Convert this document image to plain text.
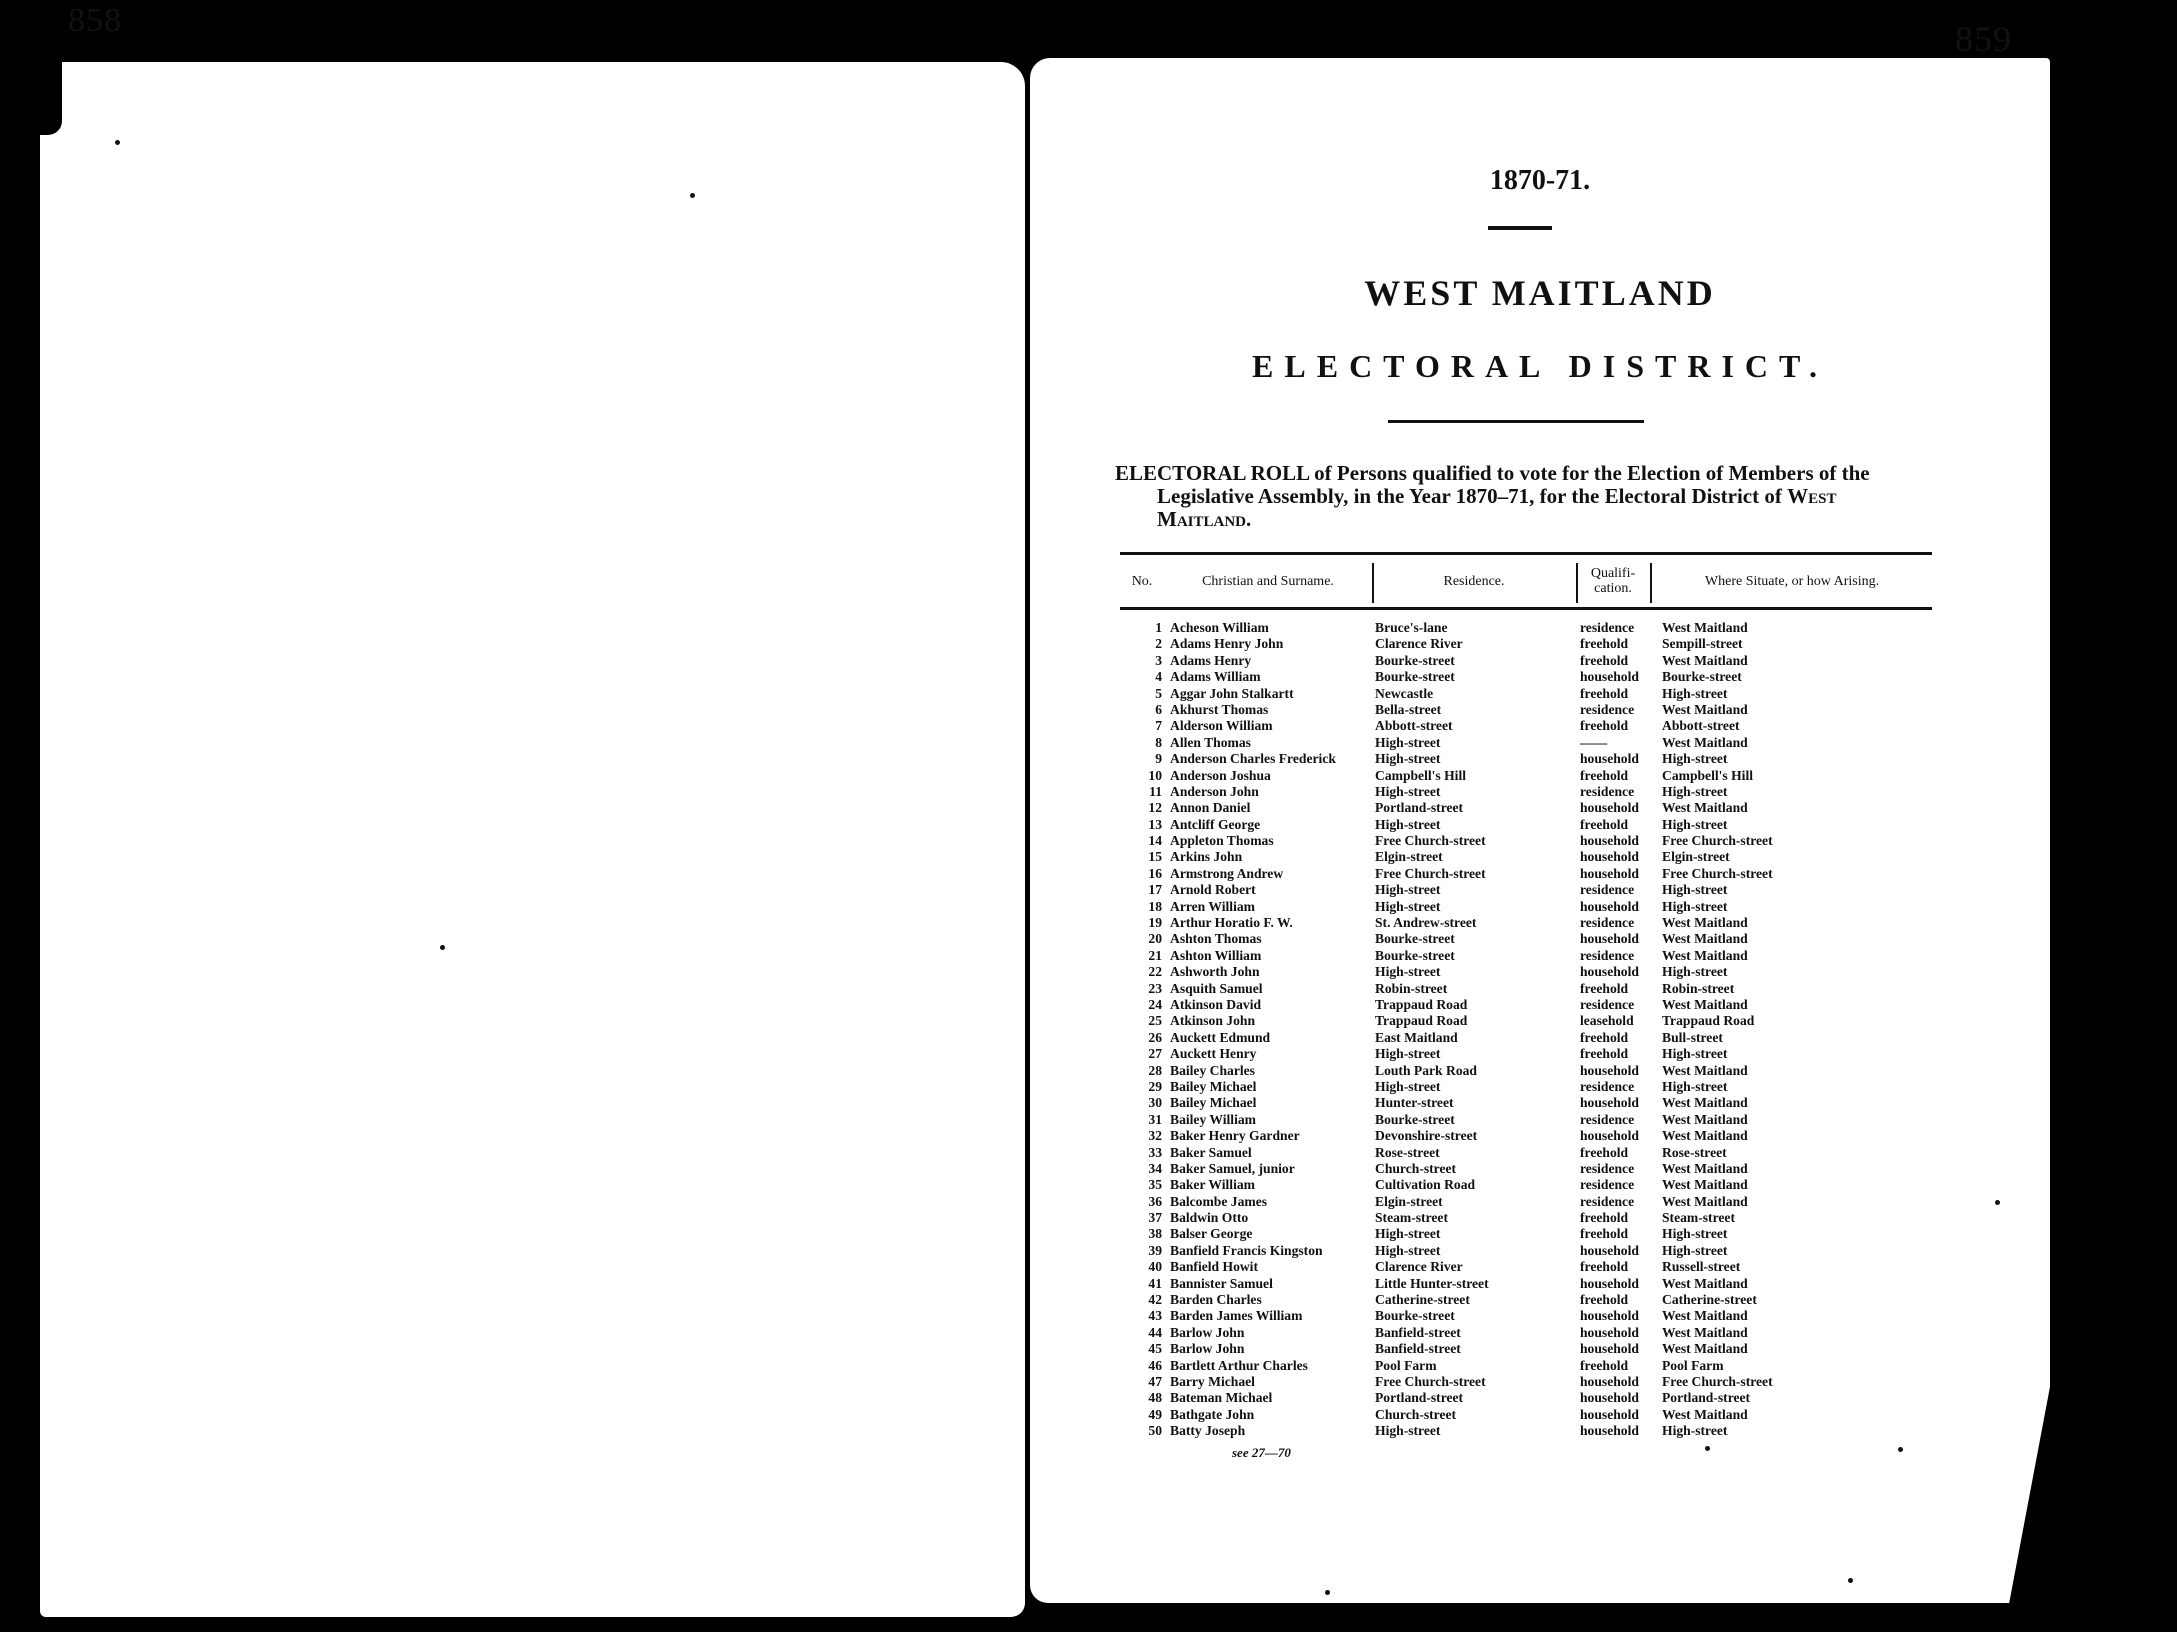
858	859
1870-71.
WEST MAITLAND
ELECTORAL DISTRICT.
ELECTORAL ROLL of Persons qualified to vote for the Election of Members of the
Legislative Assembly, in the Year 1870–71, for the Electoral District of West
Maitland.
No.	Christian and Surname.	Residence.	Qualifi- cation.	Where Situate, or how Arising.
1 Acheson William	Bruce's-lane	residence West Maitland
2 Adams Henry John	Clarence River	freehold Sempill-street
3 Adams Henry	Bourke-street	freehold West Maitland
4 Adams William	Bourke-street	household Bourke-street
5 Aggar John Stalkartt	Newcastle	freehold High-street
6 Akhurst Thomas	Bella-street	residence West Maitland
7 Alderson William	Abbott-street	freehold Abbott-street
8 Allen Thomas	High-street	——	West Maitland
9 Anderson Charles Frederick	High-street	household High-street
10 Anderson Joshua	Campbell's Hill	freehold Campbell's Hill
11 Anderson John	High-street	residence High-street
12 Annon Daniel	Portland-street	household West Maitland
13 Antcliff George	High-street	freehold High-street
14 Appleton Thomas	Free Church-street	household Free Church-street
15 Arkins John	Elgin-street	household Elgin-street
16 Armstrong Andrew	Free Church-street	household Free Church-street
17 Arnold Robert	High-street	residence High-street
18 Arren William	High-street	household High-street
19 Arthur Horatio F. W.	St. Andrew-street	residence West Maitland
20 Ashton Thomas	Bourke-street	household West Maitland
21 Ashton William	Bourke-street	residence West Maitland
22 Ashworth John	High-street	household High-street
23 Asquith Samuel	Robin-street	freehold Robin-street
24 Atkinson David	Trappaud Road	residence West Maitland
25 Atkinson John	Trappaud Road	leasehold Trappaud Road
26 Auckett Edmund	East Maitland	freehold Bull-street
27 Auckett Henry	High-street	freehold High-street
28 Bailey Charles	Louth Park Road	household West Maitland
29 Bailey Michael	High-street	residence High-street
30 Bailey Michael	Hunter-street	household West Maitland
31 Bailey William	Bourke-street	residence West Maitland
32 Baker Henry Gardner	Devonshire-street	household West Maitland
33 Baker Samuel	Rose-street	freehold Rose-street
34 Baker Samuel, junior	Church-street	residence West Maitland
35 Baker William	Cultivation Road	residence West Maitland
36 Balcombe James	Elgin-street	residence West Maitland
37 Baldwin Otto	Steam-street	freehold Steam-street
38 Balser George	High-street	freehold High-street
39 Banfield Francis Kingston	High-street	household High-street
40 Banfield Howit	Clarence River	freehold Russell-street
41 Bannister Samuel	Little Hunter-street	household West Maitland
42 Barden Charles	Catherine-street	freehold Catherine-street
43 Barden James William	Bourke-street	household West Maitland
44 Barlow John	Banfield-street	household West Maitland
45 Barlow John	Banfield-street	household West Maitland
46 Bartlett Arthur Charles	Pool Farm	freehold Pool Farm
47 Barry Michael	Free Church-street	household Free Church-street
48 Bateman Michael	Portland-street	household Portland-street
49 Bathgate John	Church-street	household West Maitland
50 Batty Joseph	High-street	household High-street
see 27—70
